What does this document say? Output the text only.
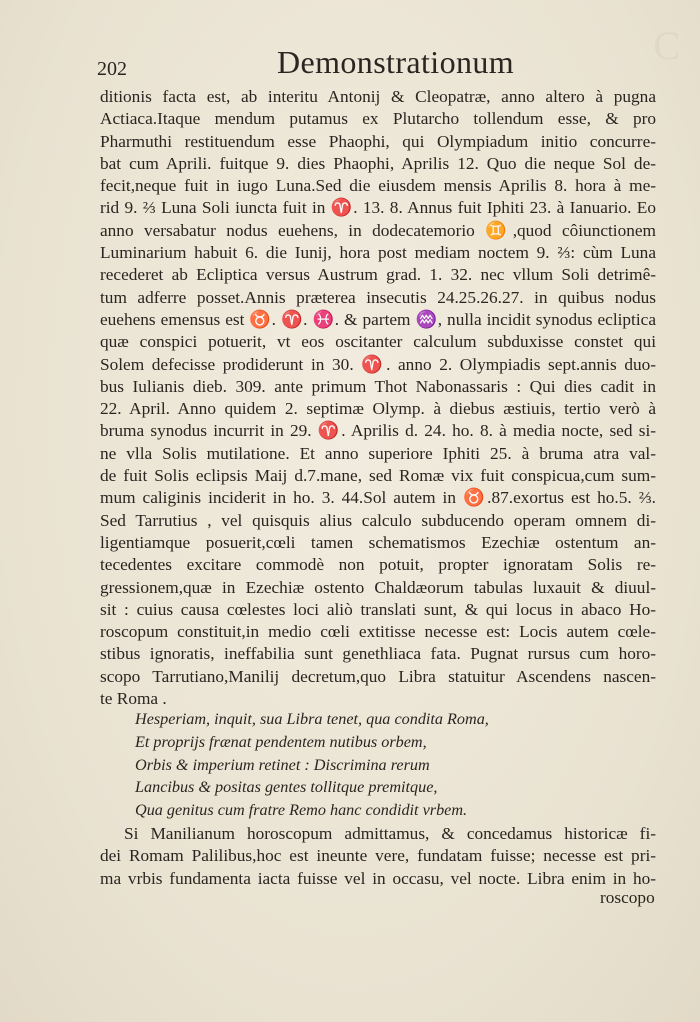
C
202	Demonstrationum
ditionis facta est, ab interitu Antonij & Cleopatræ, anno altero à pugna
Actiaca.Itaque mendum putamus ex Plutarcho tollendum esse, & pro
Pharmuthi restituendum esse Phaophi, qui Olympiadum initio concurre-
bat cum Aprili. fuitque 9. dies Phaophi, Aprilis 12. Quo die neque Sol de-
fecit,neque fuit in iugo Luna.Sed die eiusdem mensis Aprilis 8. hora à me-
rid 9. ⅔ Luna Soli iuncta fuit in ♈. 13. 8. Annus fuit Iphiti 23. à Ianuario. Eo
anno versabatur nodus euehens, in dodecatemorio ♊,quod côiunctionem
Luminarium habuit 6. die Iunij, hora post mediam noctem 9. ⅔: cùm Luna
recederet ab Ecliptica versus Austrum grad. 1. 32. nec vllum Soli detrimê-
tum adferre posset.Annis præterea insecutis 24.25.26.27. in quibus nodus
euehens emensus est ♉. ♈. ♓. & partem ♒, nulla incidit synodus ecliptica
quæ conspici potuerit, vt eos oscitanter calculum subduxisse constet qui
Solem defecisse prodiderunt in 30. ♈. anno 2. Olympiadis sept.annis duo-
bus Iulianis dieb. 309. ante primum Thot Nabonassaris : Qui dies cadit in
22. April. Anno quidem 2. septimæ Olymp. à diebus æstiuis, tertio verò à
bruma synodus incurrit in 29. ♈. Aprilis d. 24. ho. 8. à media nocte, sed si-
ne vlla Solis mutilatione. Et anno superiore Iphiti 25. à bruma atra val-
de fuit Solis eclipsis Maij d.7.mane, sed Romæ vix fuit conspicua,cum sum-
mum caliginis inciderit in ho. 3. 44.Sol autem in ♉.87.exortus est ho.5. ⅔.
Sed Tarrutius , vel quisquis alius calculo subducendo operam omnem di-
ligentiamque posuerit,cœli tamen schematismos Ezechiæ ostentum an-
tecedentes excitare commodè non potuit, propter ignoratam Solis re-
gressionem,quæ in Ezechiæ ostento Chaldæorum tabulas luxauit & diuul-
sit : cuius causa cœlestes loci aliò translati sunt, & qui locus in abaco Ho-
roscopum constituit,in medio cœli extitisse necesse est: Locis autem cœle-
stibus ignoratis, ineffabilia sunt genethliaca fata. Pugnat rursus cum horo-
scopo Tarrutiano,Manilij decretum,quo Libra statuitur Ascendens nascen-
te Roma .
Hesperiam, inquit, sua Libra tenet, qua condita Roma,
Et proprijs frænat pendentem nutibus orbem,
Orbis & imperium retinet : Discrimina rerum
Lancibus & positas gentes tollitque premitque,
Qua genitus cum fratre Remo hanc condidit vrbem.
Si Manilianum horoscopum admittamus, & concedamus historicæ fi-
dei Romam Palilibus,hoc est ineunte vere, fundatam fuisse; necesse est pri-
ma vrbis fundamenta iacta fuisse vel in occasu, vel nocte. Libra enim in ho-
roscopo
